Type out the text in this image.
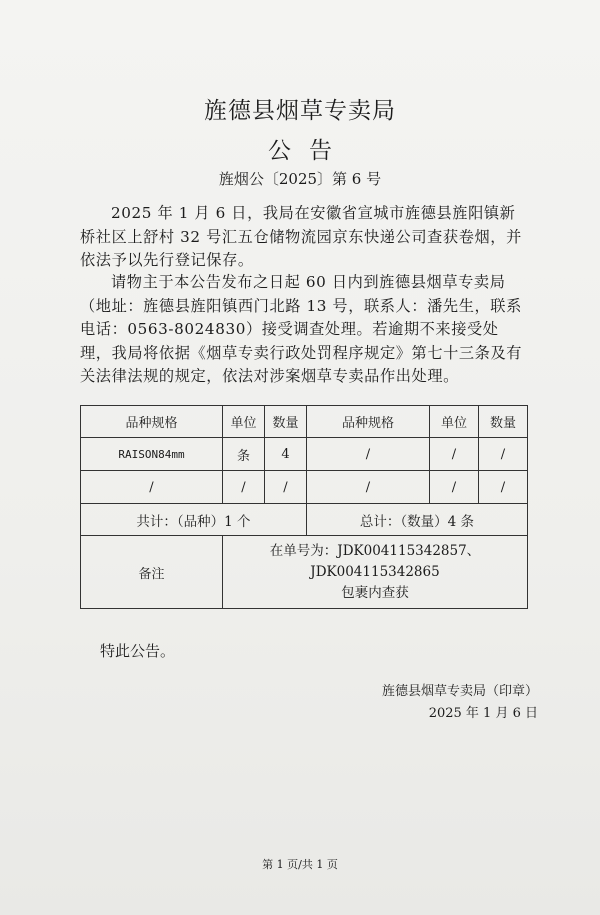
旌德县烟草专卖局
公告
旌烟公〔2025〕第 6 号
2025 年 1 月 6 日，我局在安徽省宣城市旌德县旌阳镇新桥社区上舒村 32 号汇五仓储物流园京东快递公司查获卷烟，并依法予以先行登记保存。
请物主于本公告发布之日起 60 日内到旌德县烟草专卖局（地址：旌德县旌阳镇西门北路 13 号，联系人：潘先生，联系电话：0563-8024830）接受调查处理。若逾期不来接受处理，我局将依据《烟草专卖行政处罚程序规定》第七十三条及有关法律法规的规定，依法对涉案烟草专卖品作出处理。
品种规格	单位	数量	品种规格	单位	数量
RAISON84mm	条	4	/	/	/
/	/	/	/	/	/
共计：（品种）1 个			总计：（数量）4 条		
备注	在单号为：JDK004115342857、JDK004115342865
包裹内查获				
特此公告。
旌德县烟草专卖局（印章）
2025 年 1 月 6 日
第 1 页/共 1 页
